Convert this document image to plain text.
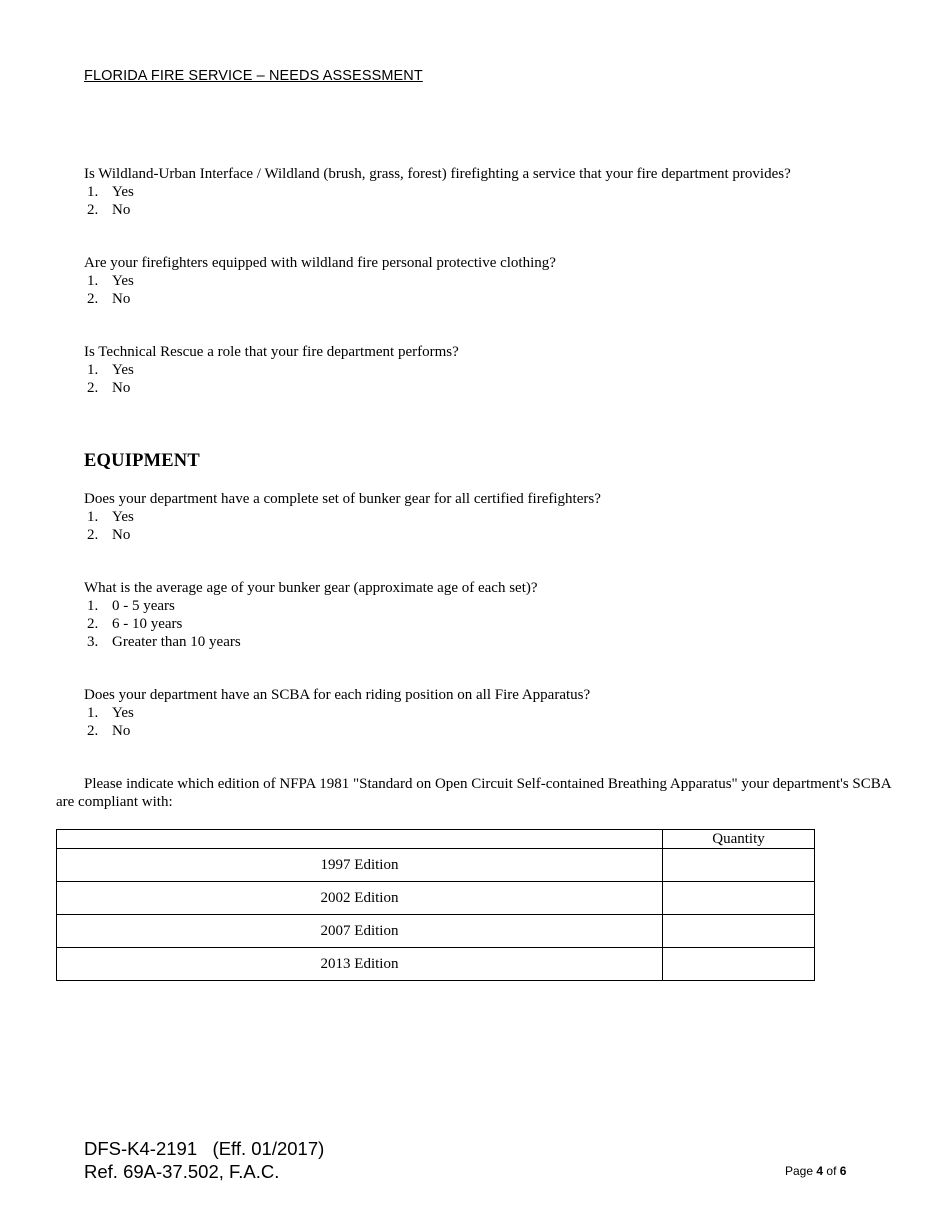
FLORIDA FIRE SERVICE – NEEDS ASSESSMENT
Is Wildland-Urban Interface / Wildland (brush, grass, forest) firefighting a service that your fire department provides?
1. Yes
2. No
Are your firefighters equipped with wildland fire personal protective clothing?
1. Yes
2. No
Is Technical Rescue a role that your fire department performs?
1. Yes
2. No
EQUIPMENT
Does your department have a complete set of bunker gear for all certified firefighters?
1. Yes
2. No
What is the average age of your bunker gear (approximate age of each set)?
1. 0 - 5 years
2. 6 - 10 years
3. Greater than 10 years
Does your department have an SCBA for each riding position on all Fire Apparatus?
1. Yes
2. No
Please indicate which edition of NFPA 1981 "Standard on Open Circuit Self-contained Breathing Apparatus" your department's SCBA are compliant with:
	Quantity
1997 Edition	
2002 Edition	
2007 Edition	
2013 Edition	
DFS-K4-2191 (Eff. 01/2017)
Ref. 69A-37.502, F.A.C.	Page 4 of 6
